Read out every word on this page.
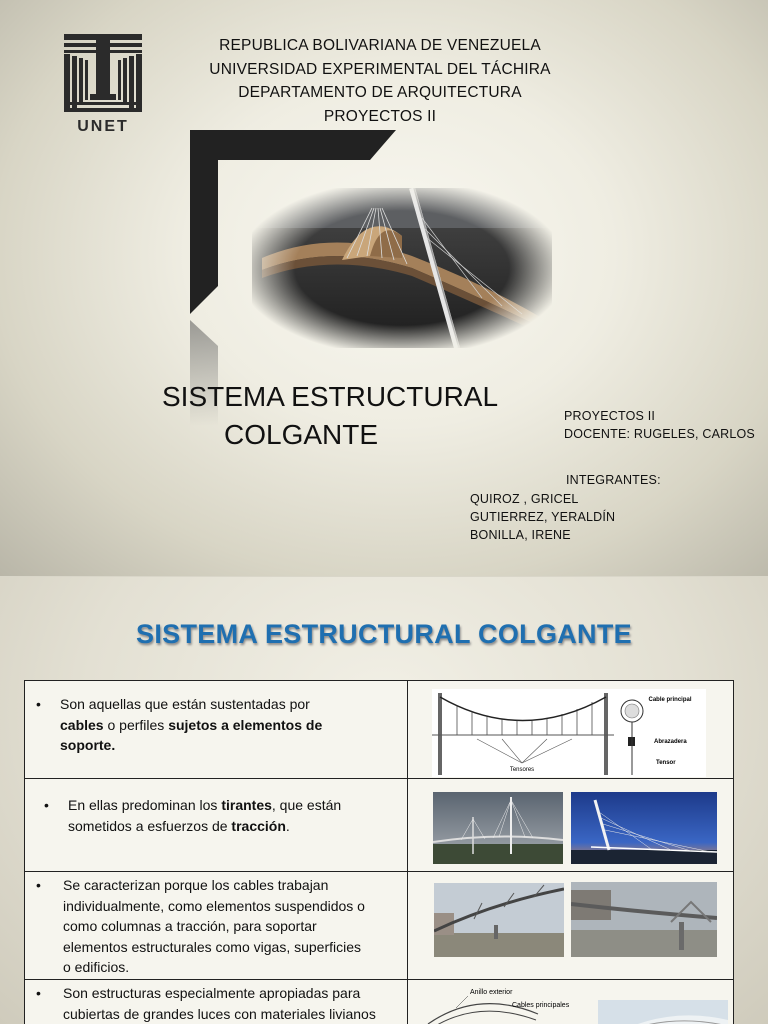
UNET
REPUBLICA BOLIVARIANA DE VENEZUELA
UNIVERSIDAD EXPERIMENTAL DEL TÁCHIRA
DEPARTAMENTO DE ARQUITECTURA
PROYECTOS II
SISTEMA ESTRUCTURAL
COLGANTE
PROYECTOS II
DOCENTE: RUGELES, CARLOS
INTEGRANTES:
QUIROZ , GRICEL
GUTIERREZ, YERALDÍN
BONILLA, IRENE
SISTEMA ESTRUCTURAL COLGANTE
• Son aquellas que están sustentadas por
cables o perfiles sujetos a elementos de
soporte.
Tensores
Cable principal
Abrazadera
Tensor
• En ellas predominan los tirantes, que están
sometidos a esfuerzos de tracción.
• Se caracterizan porque los cables trabajan
individualmente, como elementos suspendidos o
como columnas a tracción, para soportar
elementos estructurales como vigas, superficies
o edificios.
• Son estructuras especialmente apropiadas para
cubiertas de grandes luces con materiales livianos
Anillo exterior
Cables principales
